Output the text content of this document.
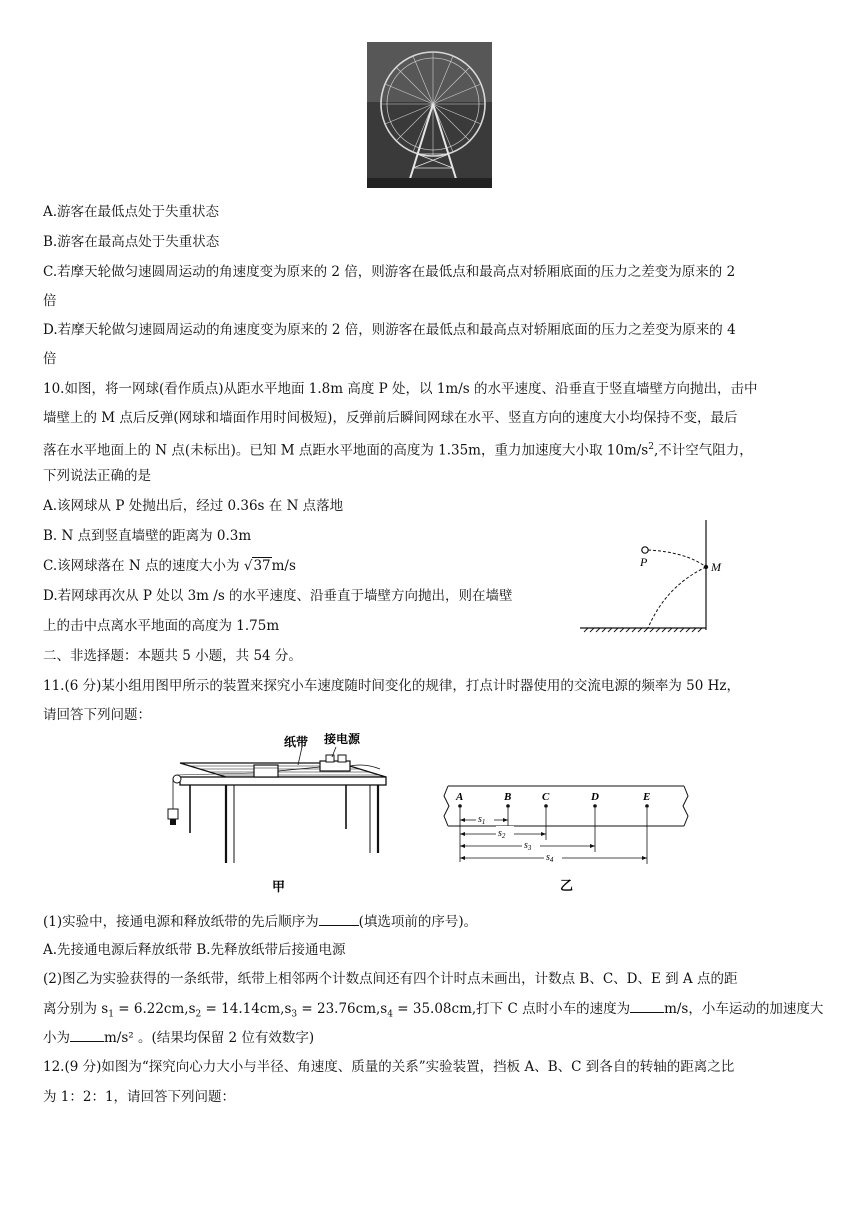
A.游客在最低点处于失重状态
B.游客在最高点处于失重状态
C.若摩天轮做匀速圆周运动的角速度变为原来的 2 倍，则游客在最低点和最高点对轿厢底面的压力之差变为原来的 2
倍
D.若摩天轮做匀速圆周运动的角速度变为原来的 2 倍，则游客在最低点和最高点对轿厢底面的压力之差变为原来的 4
倍
10.如图，将一网球(看作质点)从距水平地面 1.8m 高度 P 处，以 1m/s 的水平速度、沿垂直于竖直墙壁方向抛出，击中
墙壁上的 M 点后反弹(网球和墙面作用时间极短)，反弹前后瞬间网球在水平、竖直方向的速度大小均保持不变，最后
落在水平地面上的 N 点(未标出)。已知 M 点距水平地面的高度为 1.35m，重力加速度大小取 $10m/s^2$,不计空气阻力，
下列说法正确的是
A.该网球从 P 处抛出后，经过 0.36s 在 N 点落地
B. N 点到竖直墙壁的距离为 0.3m
C.该网球落在 N 点的速度大小为 √37m/s
D.若网球再次从 P 处以 3m /s 的水平速度、沿垂直于墙壁方向抛出，则在墙壁
上的击中点离水平地面的高度为 1.75m
P	M
二、非选择题：本题共 5 小题，共 54 分。
11.(6 分)某小组用图甲所示的装置来探究小车速度随时间变化的规律，打点计时器使用的交流电源的频率为 50 Hz，
请回答下列问题：
纸带 接电源
甲
A	B	C	D	E
$s_1$
$s_2$
$s_3$
$s_4$
乙
(1)实验中，接通电源和释放纸带的先后顺序为	(填选项前的序号)。
A.先接通电源后释放纸带 B.先释放纸带后接通电源
(2)图乙为实验获得的一条纸带，纸带上相邻两个计数点间还有四个计时点未画出，计数点 B、C、D、E 到 A 点的距
离分别为 $s_1 = 6.22cm,s_2 = 14.14cm,s_3 = 23.76cm,s_4 = 35.08cm$,打下 C 点时小车的速度为	m/s，小车运动的加速度大
小为	m/s² 。(结果均保留 2 位有效数字)
12.(9 分)如图为“探究向心力大小与半径、角速度、质量的关系”实验装置，挡板 A、B、C 到各自的转轴的距离之比
为 1：2：1，请回答下列问题：
